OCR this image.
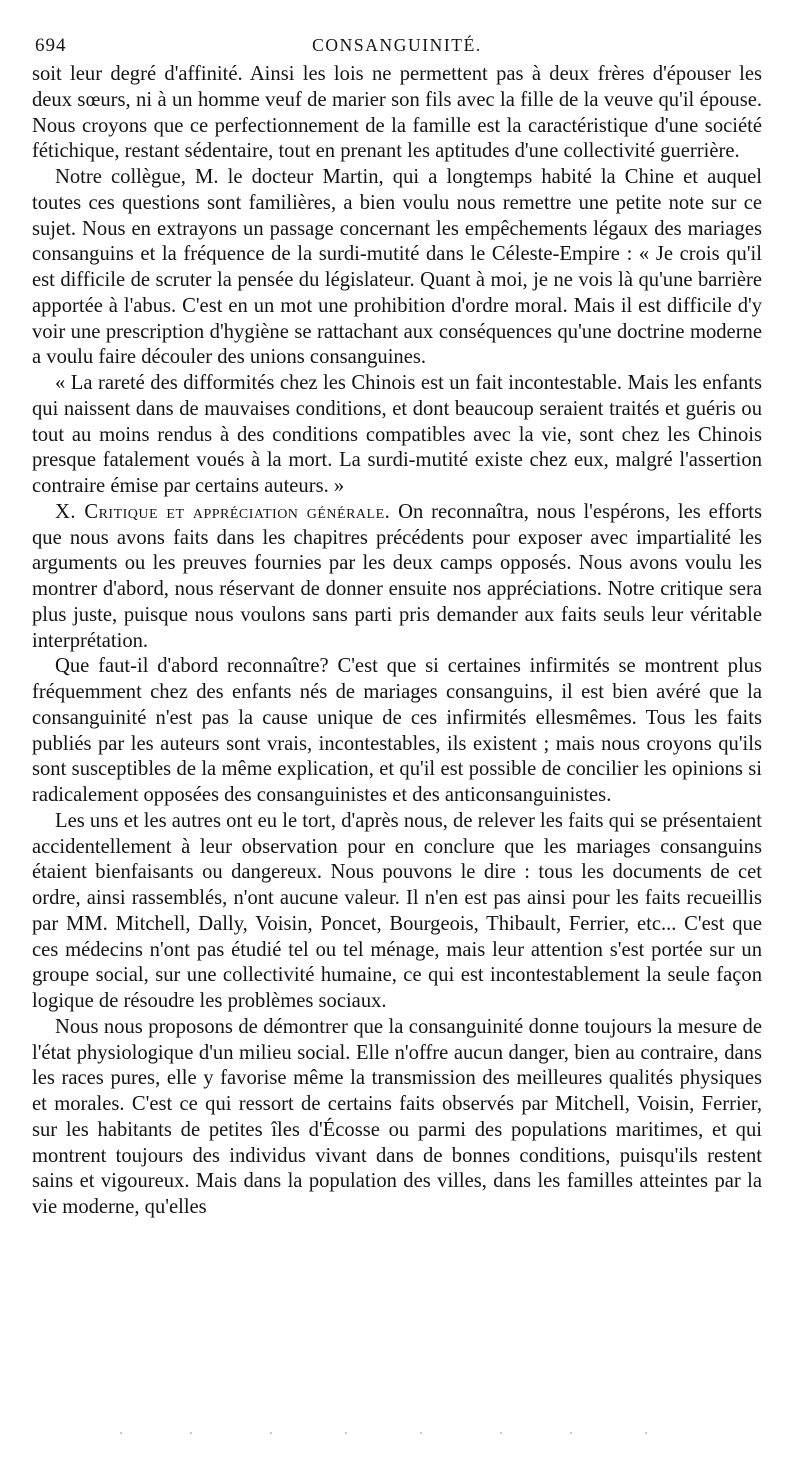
694	CONSANGUINITÉ.

soit leur degré d'affinité. Ainsi les lois ne permettent pas à deux frères d'épouser les deux sœurs, ni à un homme veuf de marier son fils avec la fille de la veuve qu'il épouse. Nous croyons que ce perfectionnement de la famille est la caractéristique d'une société fétichique, restant sédentaire, tout en prenant les aptitudes d'une collectivité guerrière.

Notre collègue, M. le docteur Martin, qui a longtemps habité la Chine et auquel toutes ces questions sont familières, a bien voulu nous remettre une petite note sur ce sujet. Nous en extrayons un passage concernant les empêchements légaux des mariages consanguins et la fréquence de la surdi-mutité dans le Céleste-Empire : « Je crois qu'il est difficile de scruter la pensée du législateur. Quant à moi, je ne vois là qu'une barrière apportée à l'abus. C'est en un mot une prohibition d'ordre moral. Mais il est difficile d'y voir une prescription d'hygiène se rattachant aux conséquences qu'une doctrine moderne a voulu faire découler des unions consanguines.

« La rareté des difformités chez les Chinois est un fait incontestable. Mais les enfants qui naissent dans de mauvaises conditions, et dont beaucoup seraient traités et guéris ou tout au moins rendus à des conditions compatibles avec la vie, sont chez les Chinois presque fatalement voués à la mort. La surdi-mutité existe chez eux, malgré l'assertion contraire émise par certains auteurs. »

X. Critique et appréciation générale. On reconnaîtra, nous l'espérons, les efforts que nous avons faits dans les chapitres précédents pour exposer avec impartialité les arguments ou les preuves fournies par les deux camps opposés. Nous avons voulu les montrer d'abord, nous réservant de donner ensuite nos appréciations. Notre critique sera plus juste, puisque nous voulons sans parti pris demander aux faits seuls leur véritable interprétation.

Que faut-il d'abord reconnaître? C'est que si certaines infirmités se montrent plus fréquemment chez des enfants nés de mariages consanguins, il est bien avéré que la consanguinité n'est pas la cause unique de ces infirmités ellesmêmes. Tous les faits publiés par les auteurs sont vrais, incontestables, ils existent ; mais nous croyons qu'ils sont susceptibles de la même explication, et qu'il est possible de concilier les opinions si radicalement opposées des consanguinistes et des anticonsanguinistes.

Les uns et les autres ont eu le tort, d'après nous, de relever les faits qui se présentaient accidentellement à leur observation pour en conclure que les mariages consanguins étaient bienfaisants ou dangereux. Nous pouvons le dire : tous les documents de cet ordre, ainsi rassemblés, n'ont aucune valeur. Il n'en est pas ainsi pour les faits recueillis par MM. Mitchell, Dally, Voisin, Poncet, Bourgeois, Thibault, Ferrier, etc... C'est que ces médecins n'ont pas étudié tel ou tel ménage, mais leur attention s'est portée sur un groupe social, sur une collectivité humaine, ce qui est incontestablement la seule façon logique de résoudre les problèmes sociaux.

Nous nous proposons de démontrer que la consanguinité donne toujours la mesure de l'état physiologique d'un milieu social. Elle n'offre aucun danger, bien au contraire, dans les races pures, elle y favorise même la transmission des meilleures qualités physiques et morales. C'est ce qui ressort de certains faits observés par Mitchell, Voisin, Ferrier, sur les habitants de petites îles d'Écosse ou parmi des populations maritimes, et qui montrent toujours des individus vivant dans de bonnes conditions, puisqu'ils restent sains et vigoureux. Mais dans la population des villes, dans les familles atteintes par la vie moderne, qu'elles
